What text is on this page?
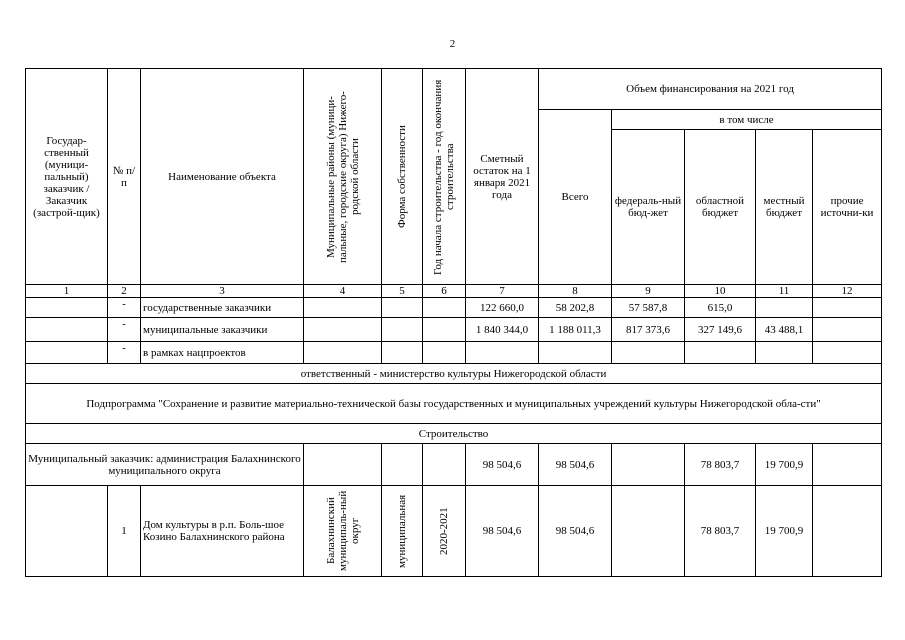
2
Государ-ственный (муници-пальный) заказчик / Заказчик (застрой-щик)	№ п/п	Наименование объекта	Муниципальные районы (муници-пальные, городские округа) Нижего-родской области	Форма собственности	Год начала строительства - год окончания строительства	Сметный остаток на 1 января 2021 года	Объем финансирования на 2021 год				
							Всего	в том числе			
								федераль-ный бюд-жет	областной бюджет	местный бюджет	прочие источни-ки
1	2	3	4	5	6	7	8	9	10	11	12
	-	государственные заказчики				122 660,0	58 202,8	57 587,8	615,0		
	-	муниципальные заказчики				1 840 344,0	1 188 011,3	817 373,6	327 149,6	43 488,1	
	-	в рамках нацпроектов									
ответственный - министерство культуры Нижегородской области											
Подпрограмма "Сохранение и развитие материально-технической базы государственных и муниципальных учреждений культуры Нижегородской обла-сти"											
Строительство											
Муниципальный заказчик: администрация Балахнинского муниципального округа						98 504,6	98 504,6		78 803,7	19 700,9	
	1	Дом культуры в р.п. Боль-шое Козино Балахнинского района	Балахнинский муниципаль-ный округ	муниципальная	2020-2021	98 504,6	98 504,6		78 803,7	19 700,9	
